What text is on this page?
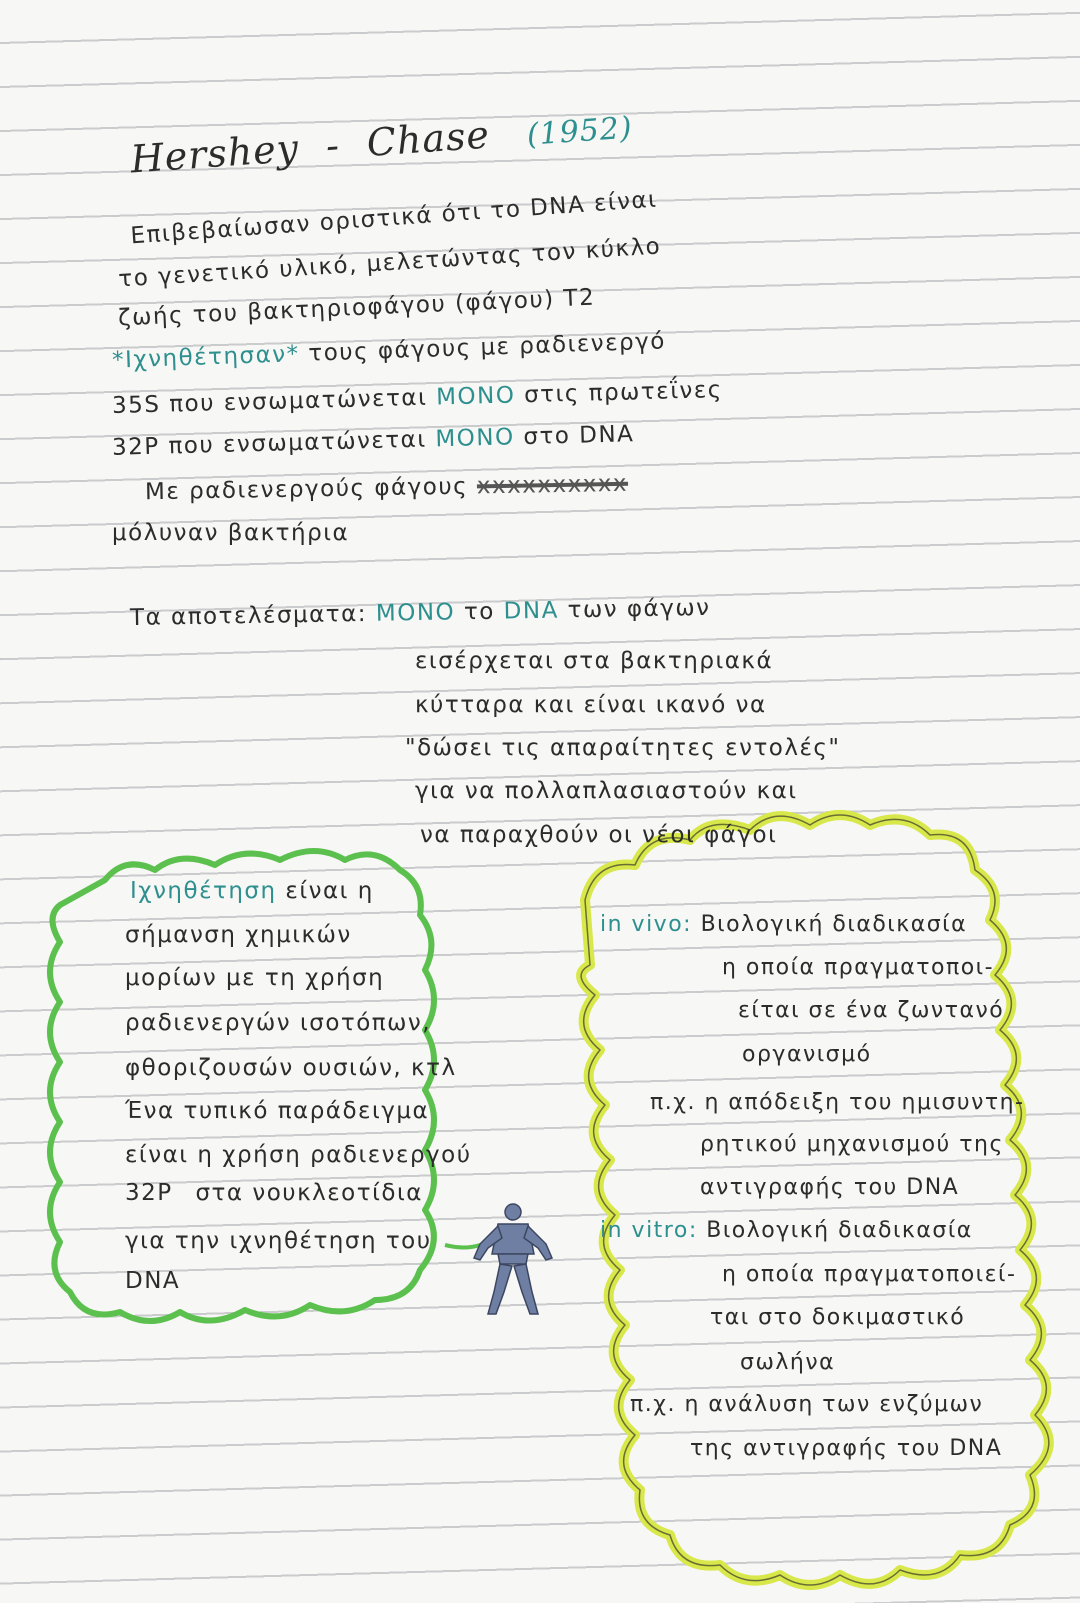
Hershey - Chase (1952)
Επιβεβαίωσαν οριστικά ότι το DNA είναι
το γενετικό υλικό, μελετώντας τον κύκλο
ζωής του βακτηριοφάγου (φάγου) Τ2
*Ιχνηθέτησαν* τους φάγους με ραδιενεργό
35S που ενσωματώνεται ΜΟΝΟ στις πρωτεΐνες
32P που ενσωματώνεται ΜΟΝΟ στο DNA
Με ραδιενεργούς φάγους xxxxxxxxxx
μόλυναν βακτήρια
Τα αποτελέσματα: ΜΟΝΟ το DNA των φάγων
εισέρχεται στα βακτηριακά
κύτταρα και είναι ικανό να
"δώσει τις απαραίτητες εντολές"
για να πολλαπλασιαστούν και
να παραχθούν οι νέοι φάγοι
Ιχνηθέτηση είναι η
σήμανση χημικών
μορίων με τη χρήση
ραδιενεργών ισοτόπων,
φθοριζουσών ουσιών, κτλ
Ένα τυπικό παράδειγμα
είναι η χρήση ραδιενεργού
32P στα νουκλεοτίδια
για την ιχνηθέτηση του
DNA
in vivo: Βιολογική διαδικασία
η οποία πραγματοποι-
είται σε ένα ζωντανό
οργανισμό
π.χ. η απόδειξη του ημισυντη-
ρητικού μηχανισμού της
αντιγραφής του DNA
in vitro: Βιολογική διαδικασία
η οποία πραγματοποιεί-
ται στο δοκιμαστικό
σωλήνα
π.χ. η ανάλυση των ενζύμων
της αντιγραφής του DNA
